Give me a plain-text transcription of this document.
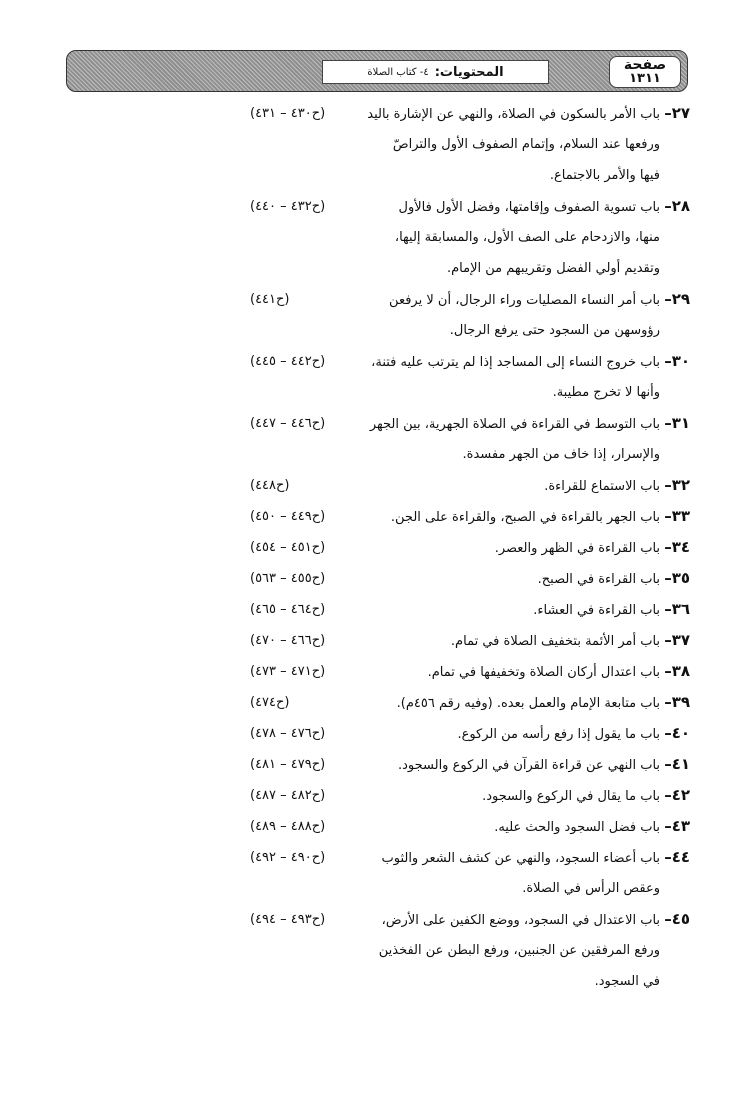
المحتويات:
٤- كتاب الصلاة	صفحة
١٣١١
٢٧– باب الأمر بالسكون في الصلاة، والنهي عن الإشارة باليد
ورفعها عند السلام، وإتمام الصفوف الأول والتراصّ
فيها والأمر بالاجتماع.
(ح٤٣٠ – ٤٣١)
٢٨– باب تسوية الصفوف وإقامتها، وفضل الأول فالأول
منها، والازدحام على الصف الأول، والمسابقة إليها،
وتقديم أولي الفضل وتقريبهم من الإمام.
(ح٤٣٢ – ٤٤٠)
٢٩– باب أمر النساء المصليات وراء الرجال، أن لا يرفعن
رؤوسهن من السجود حتى يرفع الرجال.
(ح٤٤١)
٣٠– باب خروج النساء إلى المساجد إذا لم يترتب عليه فتنة،
وأنها لا تخرج مطيبة.
(ح٤٤٢ – ٤٤٥)
٣١– باب التوسط في القراءة في الصلاة الجهرية، بين الجهر
والإسرار، إذا خاف من الجهر مفسدة.
(ح٤٤٦ – ٤٤٧)
٣٢– باب الاستماع للقراءة.
(ح٤٤٨)
٣٣– باب الجهر بالقراءة في الصبح، والقراءة على الجن.
(ح٤٤٩ – ٤٥٠)
٣٤– باب القراءة في الظهر والعصر.
(ح٤٥١ – ٤٥٤)
٣٥– باب القراءة في الصبح.
(ح٤٥٥ – ٥٦٣)
٣٦– باب القراءة في العشاء.
(ح٤٦٤ – ٤٦٥)
٣٧– باب أمر الأئمة بتخفيف الصلاة في تمام.
(ح٤٦٦ – ٤٧٠)
٣٨– باب اعتدال أركان الصلاة وتخفيفها في تمام.
(ح٤٧١ – ٤٧٣)
٣٩– باب متابعة الإمام والعمل بعده. (وفيه رقم ٤٥٦م).
(ح٤٧٤)
٤٠– باب ما يقول إذا رفع رأسه من الركوع.
(ح٤٧٦ – ٤٧٨)
٤١– باب النهي عن قراءة القرآن في الركوع والسجود.
(ح٤٧٩ – ٤٨١)
٤٢– باب ما يقال في الركوع والسجود.
(ح٤٨٢ – ٤٨٧)
٤٣– باب فضل السجود والحث عليه.
(ح٤٨٨ – ٤٨٩)
٤٤– باب أعضاء السجود، والنهي عن كشف الشعر والثوب
وعقص الرأس في الصلاة.
(ح٤٩٠ – ٤٩٢)
٤٥– باب الاعتدال في السجود، ووضع الكفين على الأرض،
ورفع المرفقين عن الجنبين، ورفع البطن عن الفخذين
في السجود.
(ح٤٩٣ – ٤٩٤)
